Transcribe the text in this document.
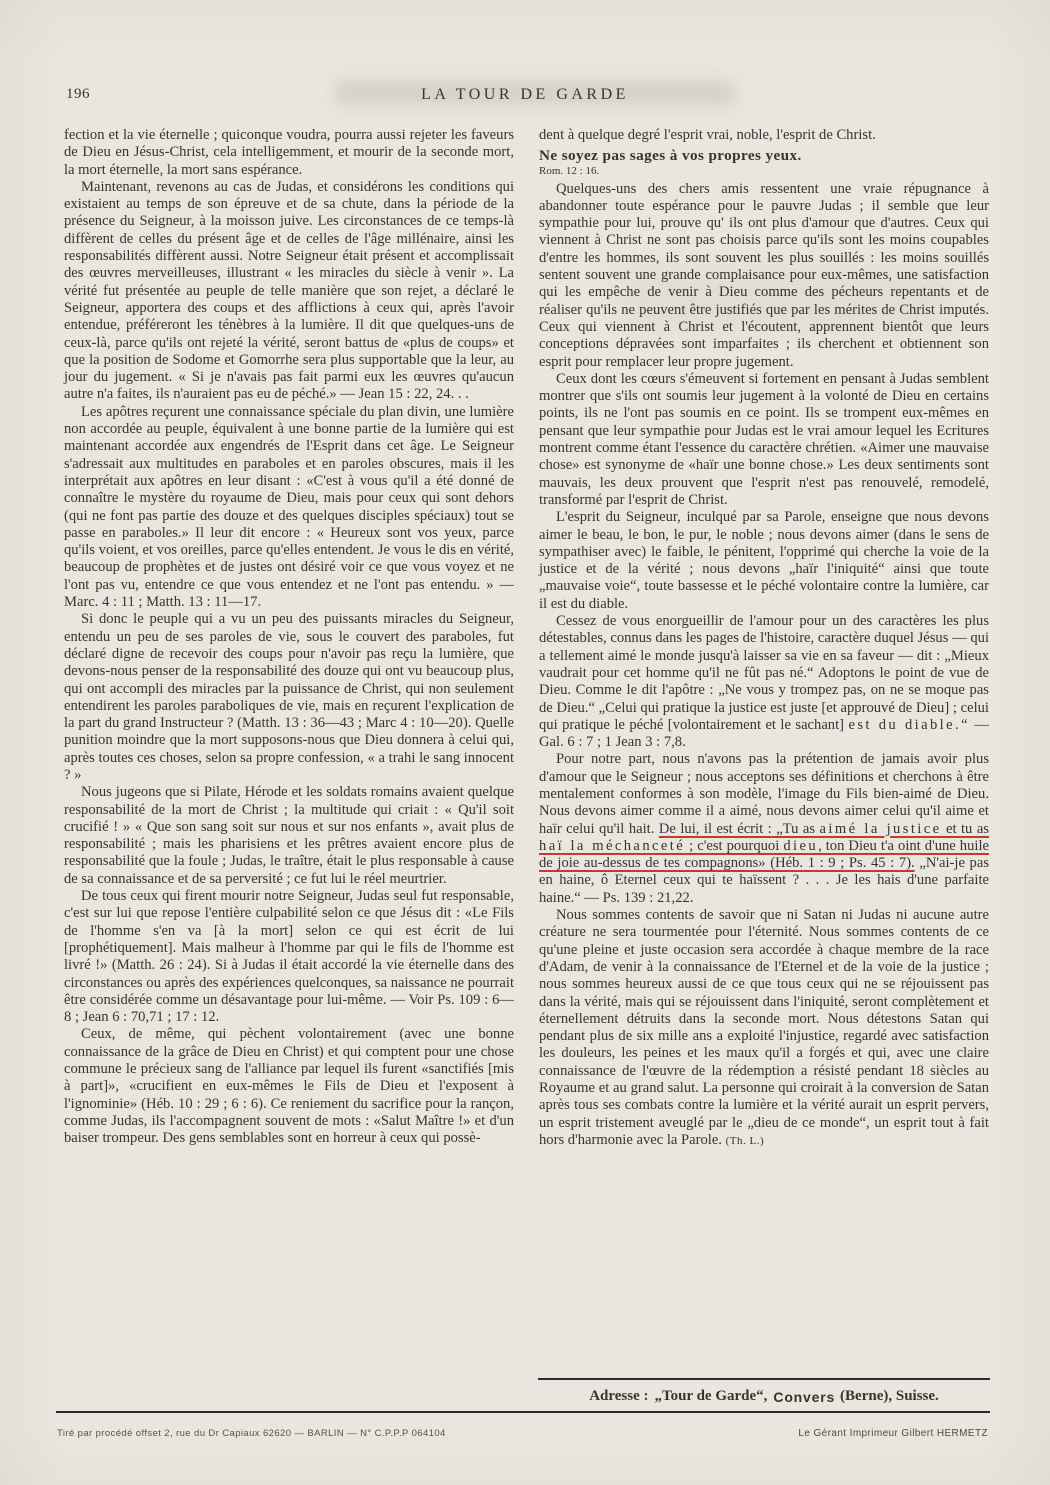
196	LA TOUR DE GARDE

fection et la vie éternelle ; quiconque voudra, pourra aussi rejeter les faveurs de Dieu en Jésus-Christ, cela intelligemment, et mourir de la seconde mort, la mort éternelle, la mort sans espérance.

Maintenant, revenons au cas de Judas, et considérons les conditions qui existaient au temps de son épreuve et de sa chute, dans la période de la présence du Seigneur, à la moisson juive. Les circonstances de ce temps-là diffèrent de celles du présent âge et de celles de l'âge millénaire, ainsi les responsabilités diffèrent aussi. Notre Seigneur était présent et accomplissait des œuvres merveilleuses, illustrant « les miracles du siècle à venir ». La vérité fut présentée au peuple de telle manière que son rejet, a déclaré le Seigneur, apportera des coups et des afflictions à ceux qui, après l'avoir entendue, préféreront les ténèbres à la lumière. Il dit que quelques-uns de ceux-là, parce qu'ils ont rejeté la vérité, seront battus de «plus de coups» et que la position de Sodome et Gomorrhe sera plus supportable que la leur, au jour du jugement. « Si je n'avais pas fait parmi eux les œuvres qu'aucun autre n'a faites, ils n'auraient pas eu de péché.» — Jean 15 : 22, 24. . .

Les apôtres reçurent une connaissance spéciale du plan divin, une lumière non accordée au peuple, équivalent à une bonne partie de la lumière qui est maintenant accordée aux engendrés de l'Esprit dans cet âge. Le Seigneur s'adressait aux multitudes en paraboles et en paroles obscures, mais il les interprétait aux apôtres en leur disant : «C'est à vous qu'il a été donné de connaître le mystère du royaume de Dieu, mais pour ceux qui sont dehors (qui ne font pas partie des douze et des quelques disciples spéciaux) tout se passe en paraboles.» Il leur dit encore : « Heureux sont vos yeux, parce qu'ils voient, et vos oreilles, parce qu'elles entendent. Je vous le dis en vérité, beaucoup de prophètes et de justes ont désiré voir ce que vous voyez et ne l'ont pas vu, entendre ce que vous entendez et ne l'ont pas entendu. » — Marc. 4 : 11 ; Matth. 13 : 11—17.

Si donc le peuple qui a vu un peu des puissants miracles du Seigneur, entendu un peu de ses paroles de vie, sous le couvert des paraboles, fut déclaré digne de recevoir des coups pour n'avoir pas reçu la lumière, que devons-nous penser de la responsabilité des douze qui ont vu beaucoup plus, qui ont accompli des miracles par la puissance de Christ, qui non seulement entendirent les paroles paraboliques de vie, mais en reçurent l'explication de la part du grand Instructeur ? (Matth. 13 : 36—43 ; Marc 4 : 10—20). Quelle punition moindre que la mort supposons-nous que Dieu donnera à celui qui, après toutes ces choses, selon sa propre confession, « a trahi le sang innocent ? »

Nous jugeons que si Pilate, Hérode et les soldats romains avaient quelque responsabilité de la mort de Christ ; la multitude qui criait : « Qu'il soit crucifié ! » « Que son sang soit sur nous et sur nos enfants », avait plus de responsabilité ; mais les pharisiens et les prêtres avaient encore plus de responsabilité que la foule ; Judas, le traître, était le plus responsable à cause de sa connaissance et de sa perversité ; ce fut lui le réel meurtrier.

De tous ceux qui firent mourir notre Seigneur, Judas seul fut responsable, c'est sur lui que repose l'entière culpabilité selon ce que Jésus dit : «Le Fils de l'homme s'en va [à la mort] selon ce qui est écrit de lui [prophétiquement]. Mais malheur à l'homme par qui le fils de l'homme est livré !» (Matth. 26 : 24). Si à Judas il était accordé la vie éternelle dans des circonstances ou après des expériences quelconques, sa naissance ne pourrait être considérée comme un désavantage pour lui-même. — Voir Ps. 109 : 6—8 ; Jean 6 : 70,71 ; 17 : 12.

Ceux, de même, qui pèchent volontairement (avec une bonne connaissance de la grâce de Dieu en Christ) et qui comptent pour une chose commune le précieux sang de l'alliance par lequel ils furent «sanctifiés [mis à part]», «crucifient en eux-mêmes le Fils de Dieu et l'exposent à l'ignominie» (Héb. 10 : 29 ; 6 : 6). Ce reniement du sacrifice pour la rançon, comme Judas, ils l'accompagnent souvent de mots : «Salut Maître !» et d'un baiser trompeur. Des gens semblables sont en horreur à ceux qui possè-

dent à quelque degré l'esprit vrai, noble, l'esprit de Christ.

Ne soyez pas sages à vos propres yeux.

Rom. 12 : 16.

Quelques-uns des chers amis ressentent une vraie répugnance à abandonner toute espérance pour le pauvre Judas ; il semble que leur sympathie pour lui, prouve qu' ils ont plus d'amour que d'autres. Ceux qui viennent à Christ ne sont pas choisis parce qu'ils sont les moins coupables d'entre les hommes, ils sont souvent les plus souillés : les moins souillés sentent souvent une grande complaisance pour eux-mêmes, une satisfaction qui les empêche de venir à Dieu comme des pécheurs repentants et de réaliser qu'ils ne peuvent être justifiés que par les mérites de Christ imputés. Ceux qui viennent à Christ et l'écoutent, apprennent bientôt que leurs conceptions dépravées sont imparfaites ; ils cherchent et obtiennent son esprit pour remplacer leur propre jugement.

Ceux dont les cœurs s'émeuvent si fortement en pensant à Judas semblent montrer que s'ils ont soumis leur jugement à la volonté de Dieu en certains points, ils ne l'ont pas soumis en ce point. Ils se trompent eux-mêmes en pensant que leur sympathie pour Judas est le vrai amour lequel les Ecritures montrent comme étant l'essence du caractère chrétien. «Aimer une mauvaise chose» est synonyme de «haïr une bonne chose.» Les deux sentiments sont mauvais, les deux prouvent que l'esprit n'est pas renouvelé, remodelé, transformé par l'esprit de Christ.

L'esprit du Seigneur, inculqué par sa Parole, enseigne que nous devons aimer le beau, le bon, le pur, le noble ; nous devons aimer (dans le sens de sympathiser avec) le faible, le pénitent, l'opprimé qui cherche la voie de la justice et de la vérité ; nous devons „haïr l'iniquité“ ainsi que toute „mauvaise voie“, toute bassesse et le péché volontaire contre la lumière, car il est du diable.

Cessez de vous enorgueillir de l'amour pour un des caractères les plus détestables, connus dans les pages de l'histoire, caractère duquel Jésus — qui a tellement aimé le monde jusqu'à laisser sa vie en sa faveur — dit : „Mieux vaudrait pour cet homme qu'il ne fût pas né.“ Adoptons le point de vue de Dieu. Comme le dit l'apôtre : „Ne vous y trompez pas, on ne se moque pas de Dieu.“ „Celui qui pratique la justice est juste [et approuvé de Dieu] ; celui qui pratique le péché [volontairement et le sachant] est du diable.“ — Gal. 6 : 7 ; 1 Jean 3 : 7,8.

Pour notre part, nous n'avons pas la prétention de jamais avoir plus d'amour que le Seigneur ; nous acceptons ses définitions et cherchons à être mentalement conformes à son modèle, l'image du Fils bien-aimé de Dieu. Nous devons aimer comme il a aimé, nous devons aimer celui qu'il aime et haïr celui qu'il hait. De lui, il est écrit : „Tu as aimé la justice et tu as haï la méchanceté ; c'est pourquoi dieu, ton Dieu t'a oint d'une huile de joie au-dessus de tes compagnons» (Héb. 1 : 9 ; Ps. 45 : 7). „N'ai-je pas en haine, ô Eternel ceux qui te haïssent ? . . . Je les hais d'une parfaite haine.“ — Ps. 139 : 21,22.

Nous sommes contents de savoir que ni Satan ni Judas ni aucune autre créature ne sera tourmentée pour l'éternité. Nous sommes contents de ce qu'une pleine et juste occasion sera accordée à chaque membre de la race d'Adam, de venir à la connaissance de l'Eternel et de la voie de la justice ; nous sommes heureux aussi de ce que tous ceux qui ne se réjouissent pas dans la vérité, mais qui se réjouissent dans l'iniquité, seront complètement et éternellement détruits dans la seconde mort. Nous détestons Satan qui pendant plus de six mille ans a exploité l'injustice, regardé avec satisfaction les douleurs, les peines et les maux qu'il a forgés et qui, avec une claire connaissance de l'œuvre de la rédemption a résisté pendant 18 siècles au Royaume et au grand salut. La personne qui croirait à la conversion de Satan après tous ses combats contre la lumière et la vérité aurait un esprit pervers, un esprit tristement aveuglé par le „dieu de ce monde“, un esprit tout à fait hors d'harmonie avec la Parole. (Th. L.)

Adresse : „Tour de Garde“, Convers (Berne), Suisse.
Tiré par procédé offset 2, rue du Dr Capiaux 62620 — BARLIN — N° C.P.P.P 064104	Le Gérant Imprimeur Gilbert HERMETZ
